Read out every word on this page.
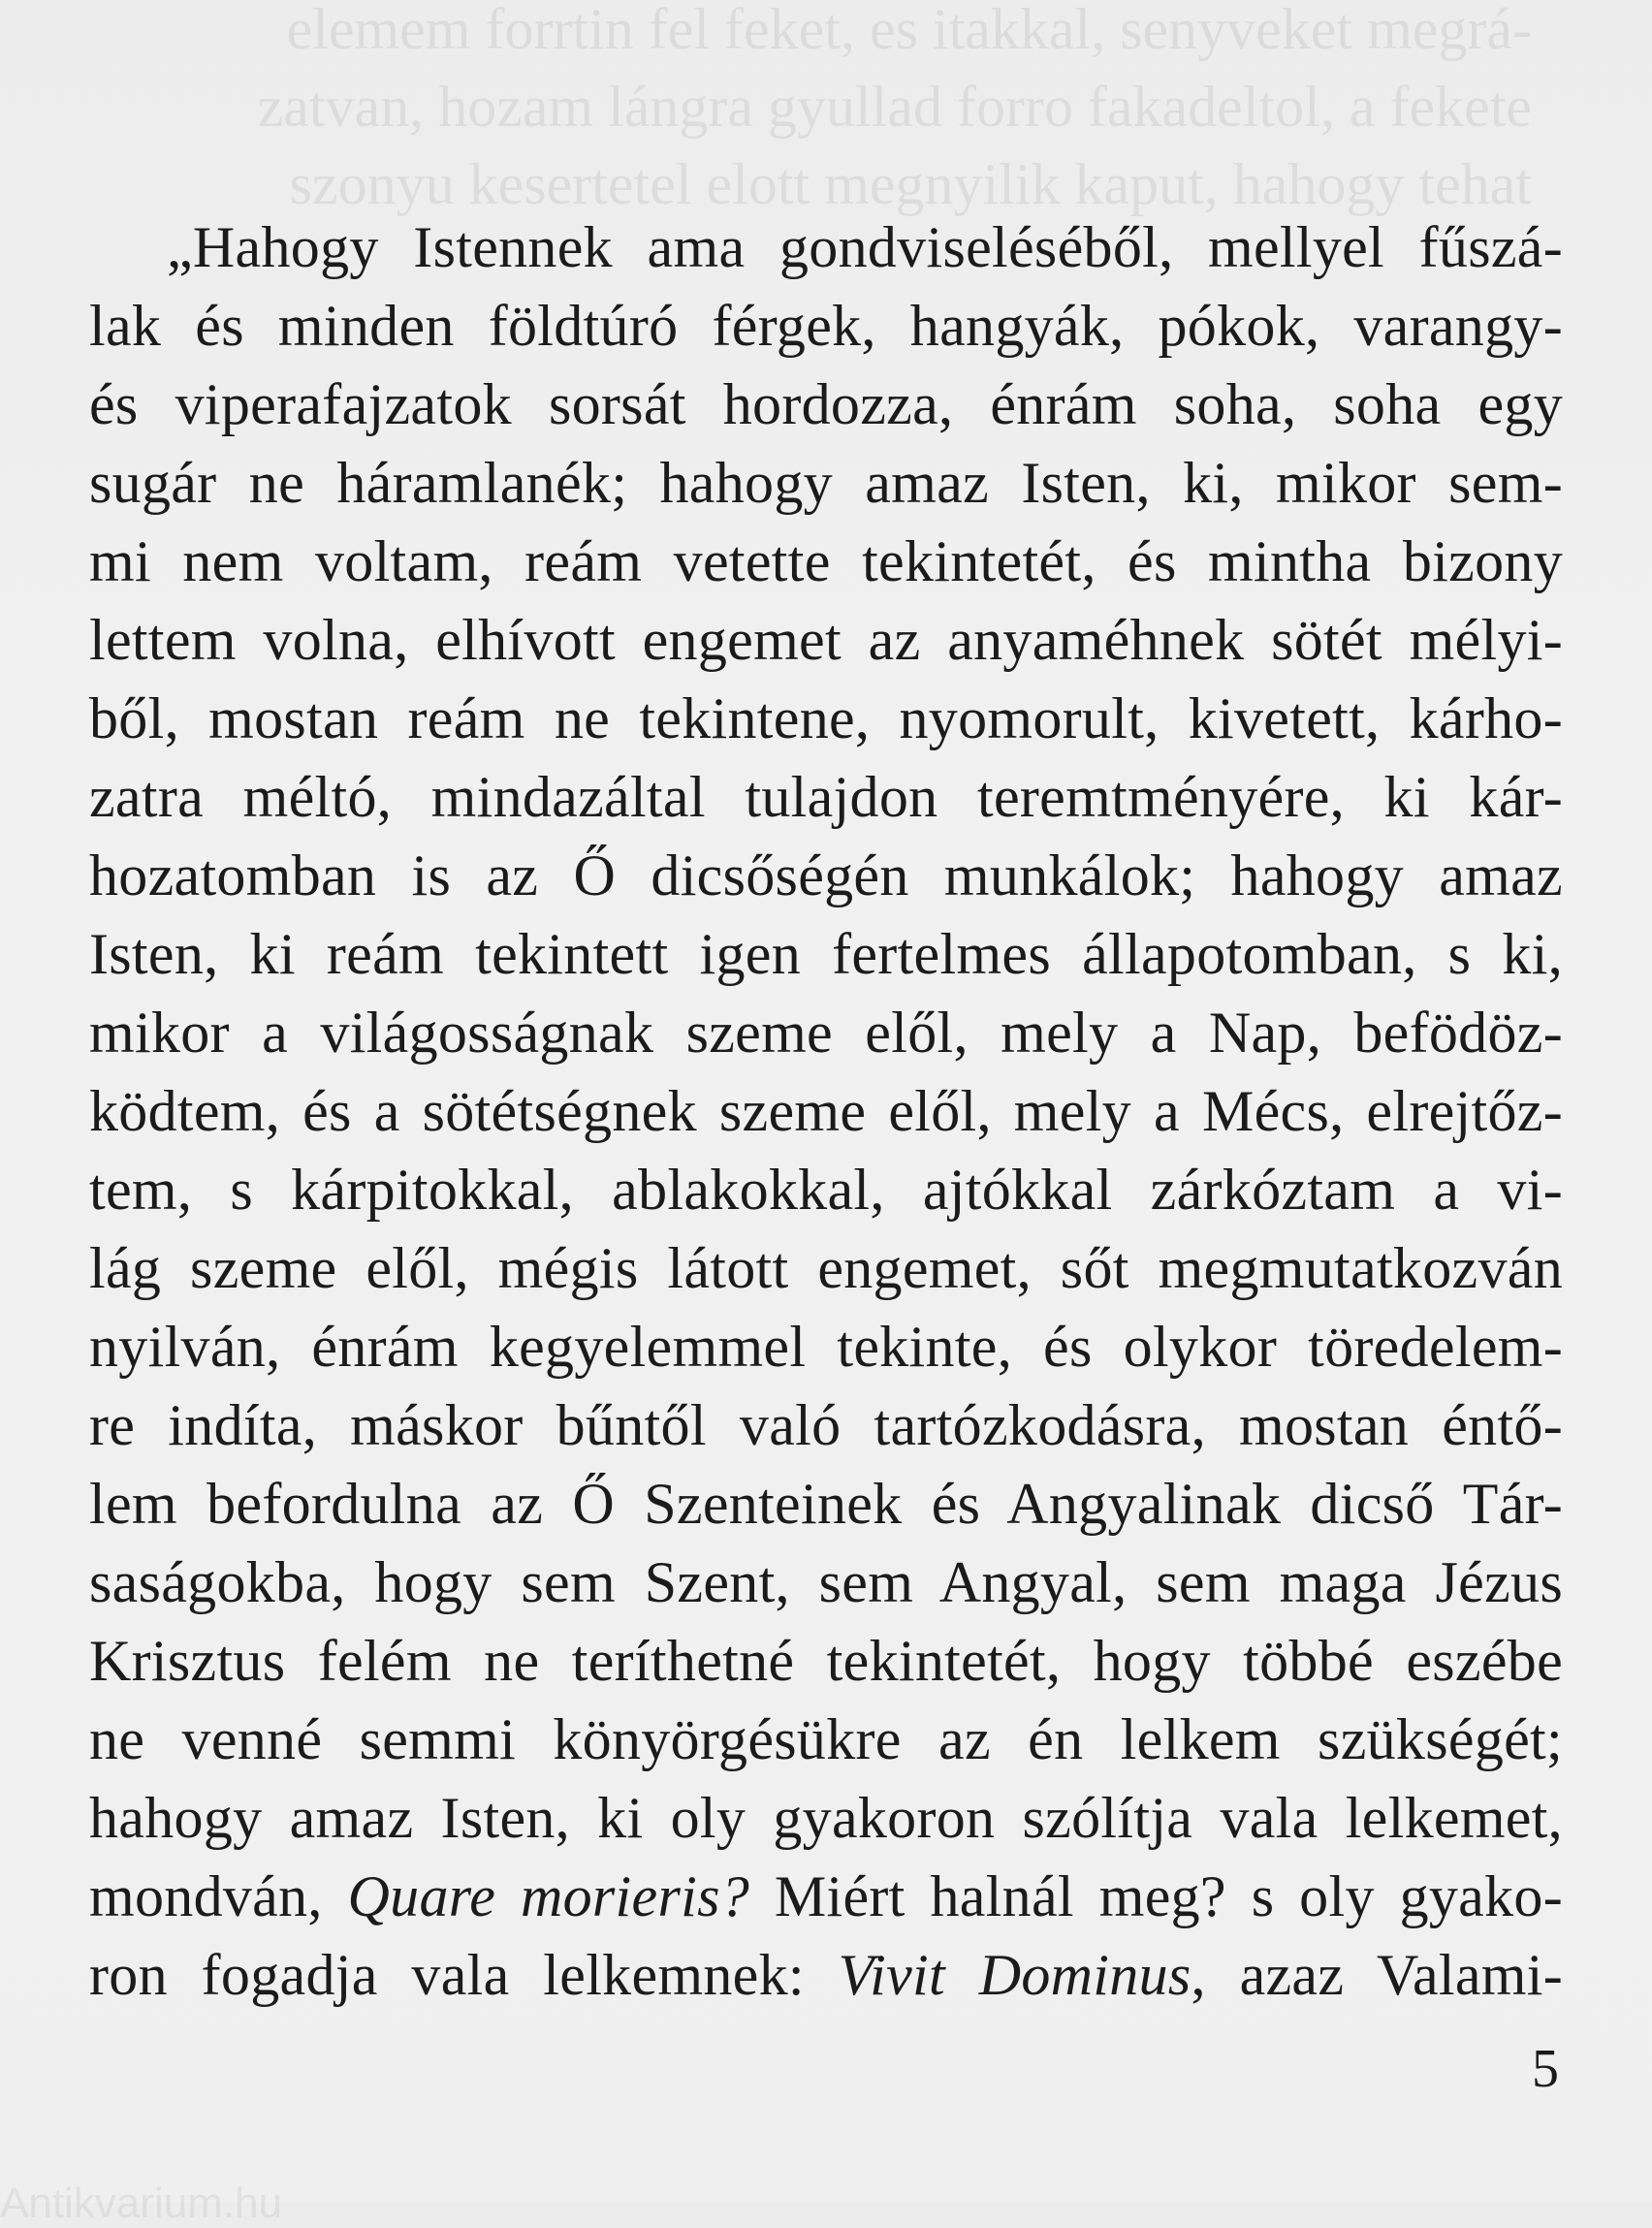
elemem forrtin fel feket, es itakkal, senyveket megrá-
zatvan, hozam lángra gyullad forro fakadeltol, a fekete
szonyu kesertetel elott megnyilik kaput, hahogy tehat
„Hahogy Istennek ama gondviseléséből, mellyel fűszá-
lak és minden földtúró férgek, hangyák, pókok, varangy-
és viperafajzatok sorsát hordozza, énrám soha, soha egy
sugár ne háramlanék; hahogy amaz Isten, ki, mikor sem-
mi nem voltam, reám vetette tekintetét, és mintha bizony
lettem volna, elhívott engemet az anyaméhnek sötét mélyi-
ből, mostan reám ne tekintene, nyomorult, kivetett, kárho-
zatra méltó, mindazáltal tulajdon teremtményére, ki kár-
hozatomban is az Ő dicsőségén munkálok; hahogy amaz
Isten, ki reám tekintett igen fertelmes állapotomban, s ki,
mikor a világosságnak szeme elől, mely a Nap, befödöz-
ködtem, és a sötétségnek szeme elől, mely a Mécs, elrejtőz-
tem, s kárpitokkal, ablakokkal, ajtókkal zárkóztam a vi-
lág szeme elől, mégis látott engemet, sőt megmutatkozván
nyilván, énrám kegyelemmel tekinte, és olykor töredelem-
re indíta, máskor bűntől való tartózkodásra, mostan éntő-
lem befordulna az Ő Szenteinek és Angyalinak dicső Tár-
saságokba, hogy sem Szent, sem Angyal, sem maga Jézus
Krisztus felém ne teríthetné tekintetét, hogy többé eszébe
ne venné semmi könyörgésükre az én lelkem szükségét;
hahogy amaz Isten, ki oly gyakoron szólítja vala lelkemet,
mondván, Quare morieris? Miért halnál meg? s oly gyako-
ron fogadja vala lelkemnek: Vivit Dominus, azaz Valami-
5
Antikvarium.hu
